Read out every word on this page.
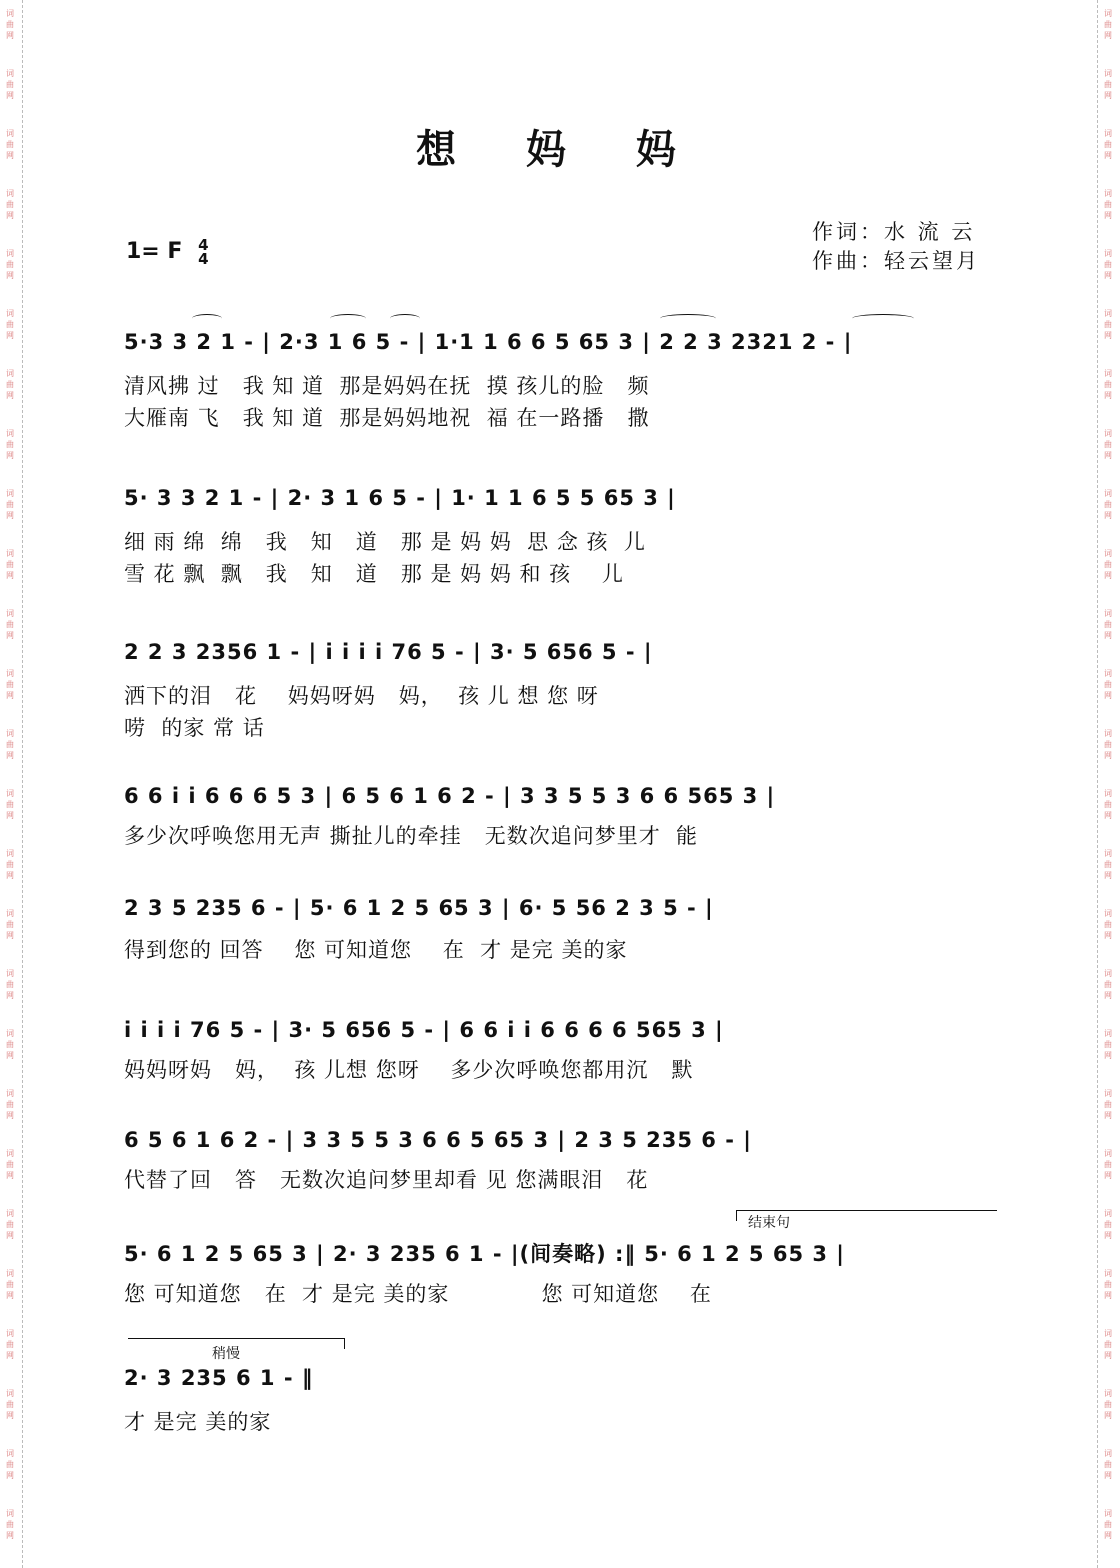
词
曲
网
词
曲
网
词
曲
网
词
曲
网
词
曲
网
词
曲
网
词
曲
网
词
曲
网
词
曲
网
词
曲
网
词
曲
网
词
曲
网
词
曲
网
词
曲
网
词
曲
网
词
曲
网
词
曲
网
词
曲
网
词
曲
网
词
曲
网
词
曲
网
词
曲
网
词
曲
网
词
曲
网
词
曲
网
词
曲
网
词
曲
网
词
曲
网
词
曲
网
词
曲
网
词
曲
网
词
曲
网
词
曲
网
词
曲
网
词
曲
网
词
曲
网
词
曲
网
词
曲
网
词
曲
网
词
曲
网
词
曲
网
词
曲
网
词
曲
网
词
曲
网
词
曲
网
词
曲
网
词
曲
网
词
曲
网
词
曲
网
词
曲
网
词
曲
网
词
曲
网
想 妈 妈
1= F 4
4
作词：水 流 云
作曲：轻云望月
5·3 3 2 1 - | 2·3 1 6 5 - | 1·1 1 6 6 5 65 3 | 2 2 3 2321 2 - |
清风拂 过   我 知 道  那是妈妈在抚  摸 孩儿的脸   频
大雁南 飞   我 知 道  那是妈妈地祝  福 在一路播   撒
5· 3 3 2 1 - | 2· 3 1 6 5 - | 1· 1 1 6 5 5 65 3 |
细 雨 绵  绵   我   知   道   那 是 妈 妈  思 念 孩  儿
雪 花 飘  飘   我   知   道   那 是 妈 妈 和 孩    儿
2 2 3 2356 1 - | i i i i 76 5 - | 3· 5 656 5 - |
洒下的泪   花    妈妈呀妈   妈，  孩 儿 想 您 呀
唠  的家 常 话
6 6 i i 6 6 6 5 3 | 6 5 6 1 6 2 - | 3 3 5 5 3 6 6 565 3 |
多少次呼唤您用无声 撕扯儿的牵挂   无数次追问梦里才  能
2 3 5 235 6 - | 5· 6 1 2 5 65 3 | 6· 5 56 2 3 5 - |
得到您的 回答    您 可知道您    在  才 是完 美的家
i i i i 76 5 - | 3· 5 656 5 - | 6 6 i i 6 6 6 6 565 3 |
妈妈呀妈   妈，  孩 儿想 您呀    多少次呼唤您都用沉   默
6 5 6 1 6 2 - | 3 3 5 5 3 6 6 5 65 3 | 2 3 5 235 6 - |
代替了回   答   无数次追问梦里却看 见 您满眼泪   花
结束句
5· 6 1 2 5 65 3 | 2· 3 235 6 1 - |(间奏略) :‖ 5· 6 1 2 5 65 3 |
您 可知道您   在  才 是完 美的家            您 可知道您    在
稍慢
2· 3 235 6 1 - ‖
才 是完 美的家
